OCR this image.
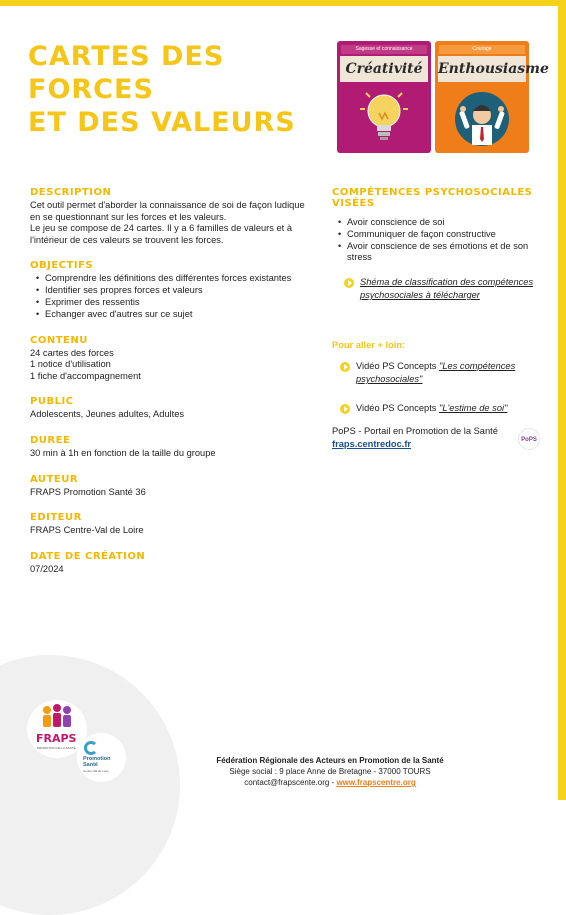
CARTES DES FORCES
ET DES VALEURS
Sagesse et connaissance
Créativité
Courage
Enthousiasme
DESCRIPTION

Cet outil permet d'aborder la connaissance de soi de façon ludique en se questionnant sur les forces et les valeurs.

Le jeu se compose de 24 cartes. Il y a 6 familles de valeurs et à l'intérieur de ces valeurs se trouvent les forces.

OBJECTIFS
• Comprendre les définitions des différentes forces existantes
• Identifier ses propres forces et valeurs
• Exprimer des ressentis
• Echanger avec d'autres sur ce sujet
CONTENU

24 cartes des forces

1 notice d'utilisation

1 fiche d'accompagnement

PUBLIC

Adolescents, Jeunes adultes, Adultes

DUREE

30 min à 1h en fonction de la taille du groupe

AUTEUR

FRAPS Promotion Santé 36

EDITEUR

FRAPS Centre-Val de Loire

DATE DE CRÉATION

07/2024

COMPÉTENCES PSYCHOSOCIALES VISÉES
• Avoir conscience de soi
• Communiquer de façon constructive
• Avoir conscience de ses émotions et de son stress
Shéma de classification des compétences psychosociales à télécharger
Pour aller + loin:
Vidéo PS Concepts "Les compétences psychosociales"
Vidéo PS Concepts "L'estime de soi"
PoPS - Portail en Promotion de la Santé
fraps.centredoc.fr	PoPS
FRAPS
PROMOTION DE LA SANTÉ
Promotion Santé
Centre-Val de Loire
Fédération Régionale des Acteurs en Promotion de la Santé
Siège social : 9 place Anne de Bretagne - 37000 TOURS
contact@frapscente.org - www.frapscentre.org
